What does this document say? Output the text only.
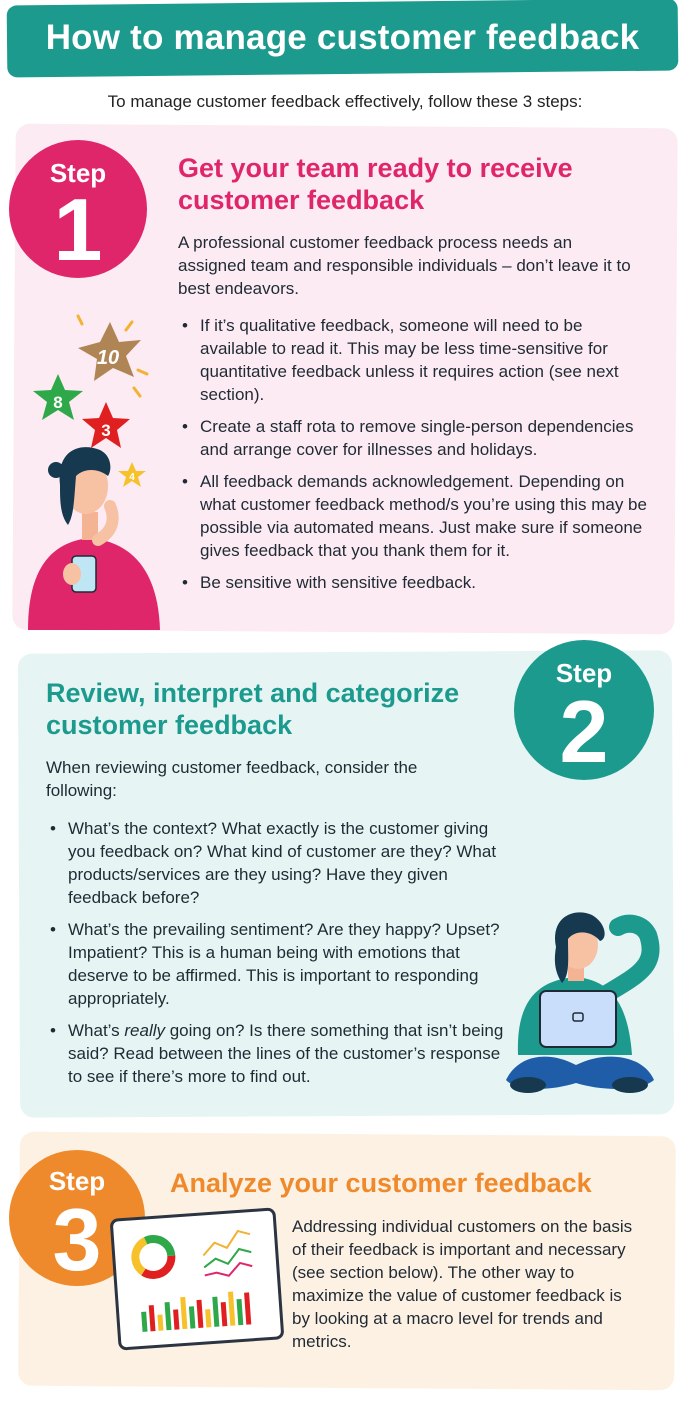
How to manage customer feedback
To manage customer feedback effectively, follow these 3 steps:
Step
1
Get your team ready to receive customer feedback

A professional customer feedback process needs an assigned team and responsible individuals – don’t leave it to best endeavors.

• If it’s qualitative feedback, someone will need to be available to read it. This may be less time-sensitive for quantitative feedback unless it requires action (see next section).
• Create a staff rota to remove single-person dependencies and arrange cover for illnesses and holidays.
• All feedback demands acknowledgement. Depending on what customer feedback method/s you’re using this may be possible via automated means. Just make sure if someone gives feedback that you thank them for it.
• Be sensitive with sensitive feedback.
10
8
3
4
Step
2
Review, interpret and categorize customer feedback

When reviewing customer feedback, consider the following:

• What’s the context? What exactly is the customer giving you feedback on? What kind of customer are they? What products/services are they using? Have they given feedback before?
• What’s the prevailing sentiment? Are they happy? Upset? Impatient? This is a human being with emotions that deserve to be affirmed. This is important to responding appropriately.
• What’s really going on? Is there something that isn’t being said? Read between the lines of the customer’s response to see if there’s more to find out.
Step
3
Analyze your customer feedback

Addressing individual customers on the basis of their feedback is important and necessary (see section below). The other way to maximize the value of customer feedback is by looking at a macro level for trends and metrics.
